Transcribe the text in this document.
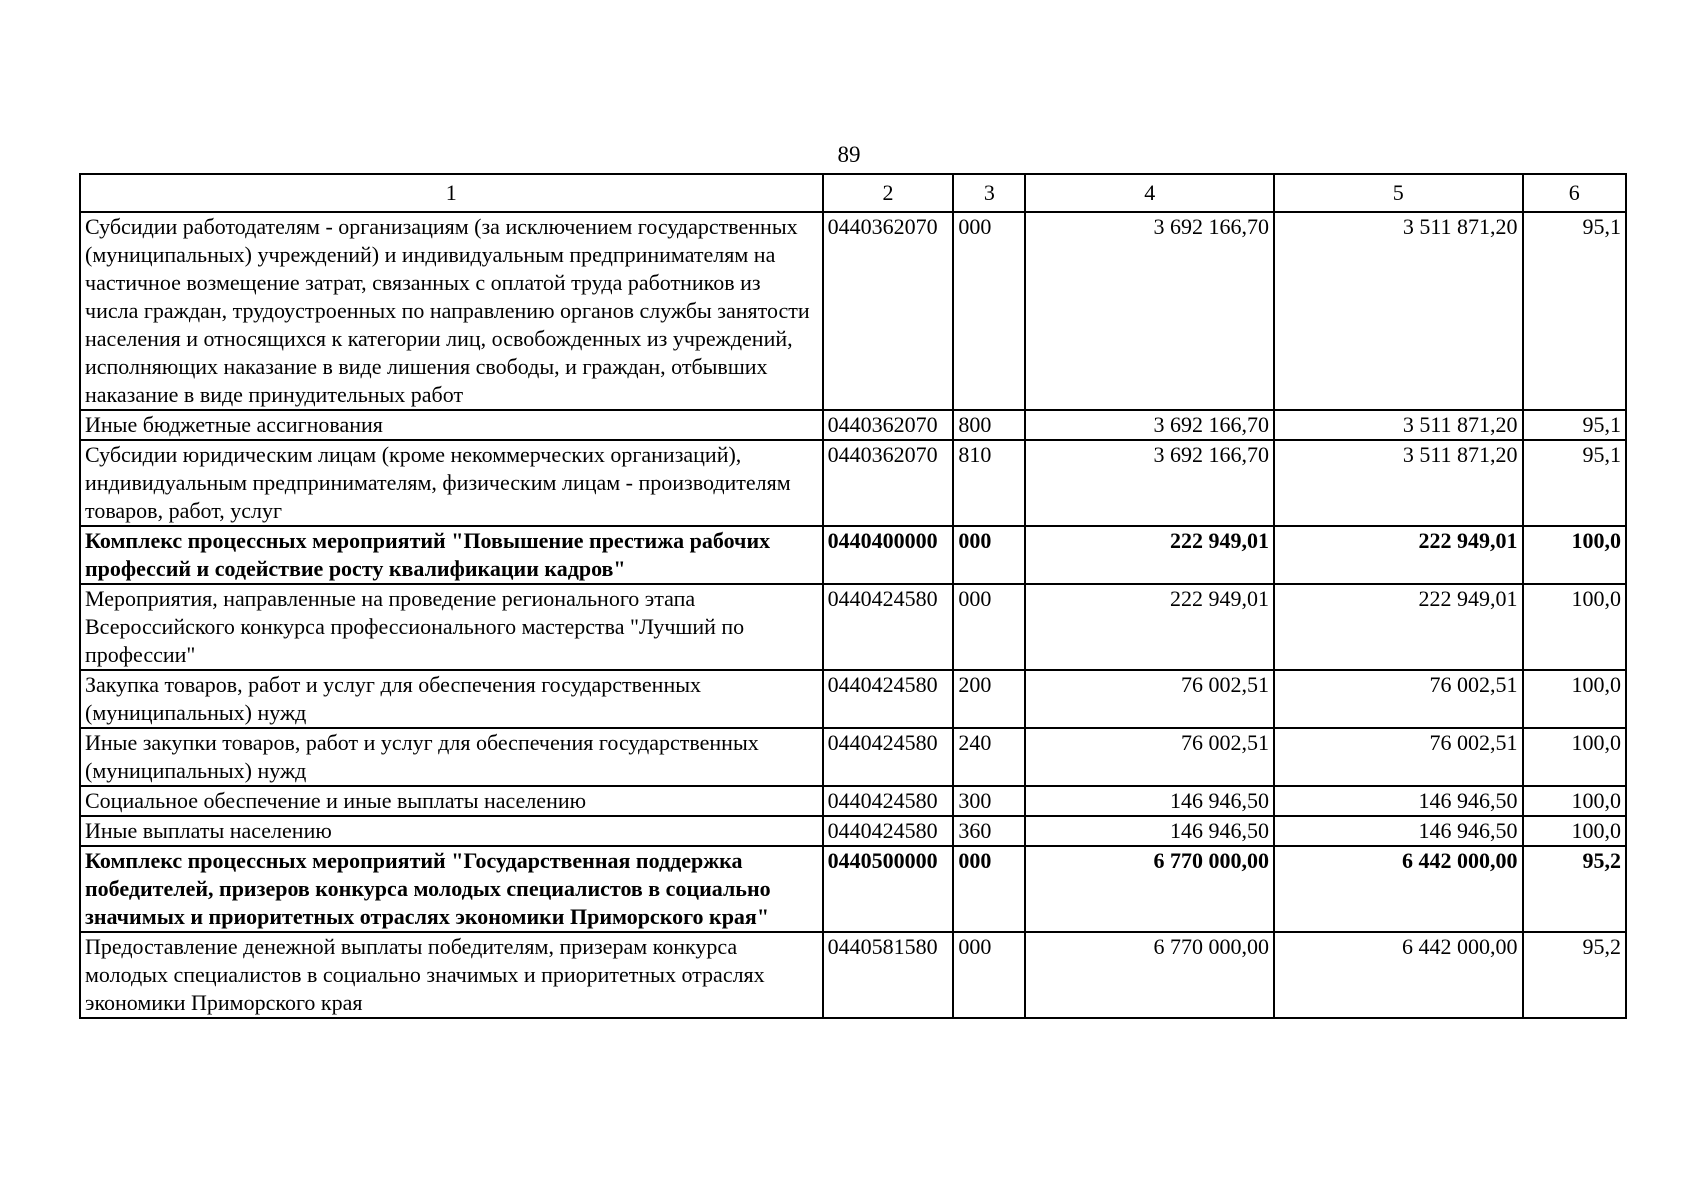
89
1	2	3	4	5	6
Субсидии работодателям - организациям (за исключением государственных (муниципальных) учреждений) и индивидуальным предпринимателям на частичное возмещение затрат, связанных с оплатой труда работников из числа граждан, трудоустроенных по направлению органов службы занятости населения и относящихся к категории лиц, освобожденных из учреждений, исполняющих наказание в виде лишения свободы, и граждан, отбывших наказание в виде принудительных работ	0440362070	000	3 692 166,70	3 511 871,20	95,1
Иные бюджетные ассигнования	0440362070	800	3 692 166,70	3 511 871,20	95,1
Субсидии юридическим лицам (кроме некоммерческих организаций), индивидуальным предпринимателям, физическим лицам - производителям товаров, работ, услуг	0440362070	810	3 692 166,70	3 511 871,20	95,1
Комплекс процессных мероприятий "Повышение престижа рабочих профессий и содействие росту квалификации кадров"	0440400000	000	222 949,01	222 949,01	100,0
Мероприятия, направленные на проведение регионального этапа Всероссийского конкурса профессионального мастерства "Лучший по профессии"	0440424580	000	222 949,01	222 949,01	100,0
Закупка товаров, работ и услуг для обеспечения государственных (муниципальных) нужд	0440424580	200	76 002,51	76 002,51	100,0
Иные закупки товаров, работ и услуг для обеспечения государственных (муниципальных) нужд	0440424580	240	76 002,51	76 002,51	100,0
Социальное обеспечение и иные выплаты населению	0440424580	300	146 946,50	146 946,50	100,0
Иные выплаты населению	0440424580	360	146 946,50	146 946,50	100,0
Комплекс процессных мероприятий "Государственная поддержка победителей, призеров конкурса молодых специалистов в социально значимых и приоритетных отраслях экономики Приморского края"	0440500000	000	6 770 000,00	6 442 000,00	95,2
Предоставление денежной выплаты победителям, призерам конкурса молодых специалистов в социально значимых и приоритетных отраслях экономики Приморского края	0440581580	000	6 770 000,00	6 442 000,00	95,2
